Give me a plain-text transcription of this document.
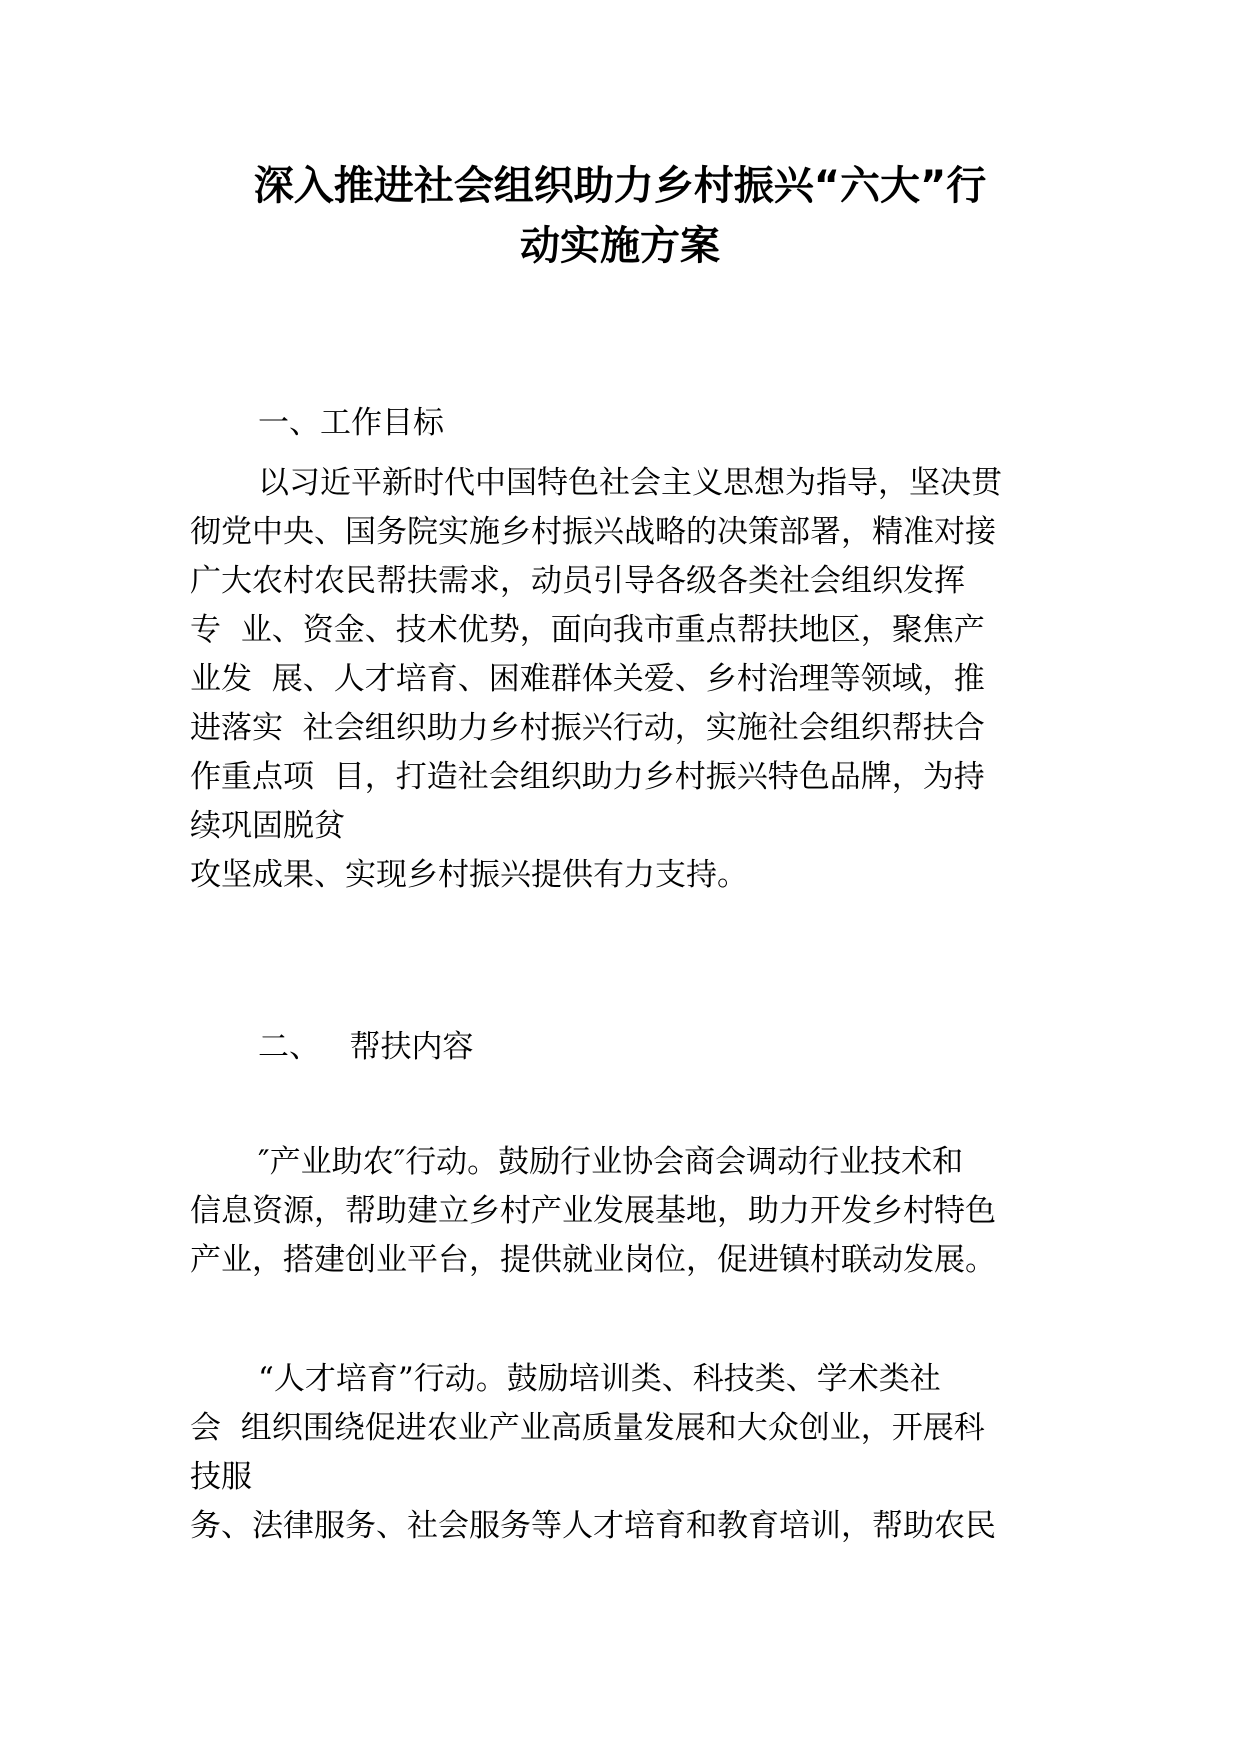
深入推进社会组织助力乡村振兴“六大”行
动实施方案
一、工作目标
以习近平新时代中国特色社会主义思想为指导，坚决贯
彻党中央、国务院实施乡村振兴战略的决策部署，精准对接
广大农村农民帮扶需求，动员引导各级各类社会组织发挥
专  业、资金、技术优势，面向我市重点帮扶地区，聚焦产
业发  展、人才培育、困难群体关爱、乡村治理等领域，推
进落实  社会组织助力乡村振兴行动，实施社会组织帮扶合
作重点项  目，打造社会组织助力乡村振兴特色品牌，为持
续巩固脱贫
攻坚成果、实现乡村振兴提供有力支持。
二、   帮扶内容
″产业助农″行动。鼓励行业协会商会调动行业技术和
信息资源，帮助建立乡村产业发展基地，助力开发乡村特色
产业，搭建创业平台，提供就业岗位，促进镇村联动发展。
“人才培育”行动。鼓励培训类、科技类、学术类社
会  组织围绕促进农业产业高质量发展和大众创业，开展科
技服
务、法律服务、社会服务等人才培育和教育培训，帮助农民
